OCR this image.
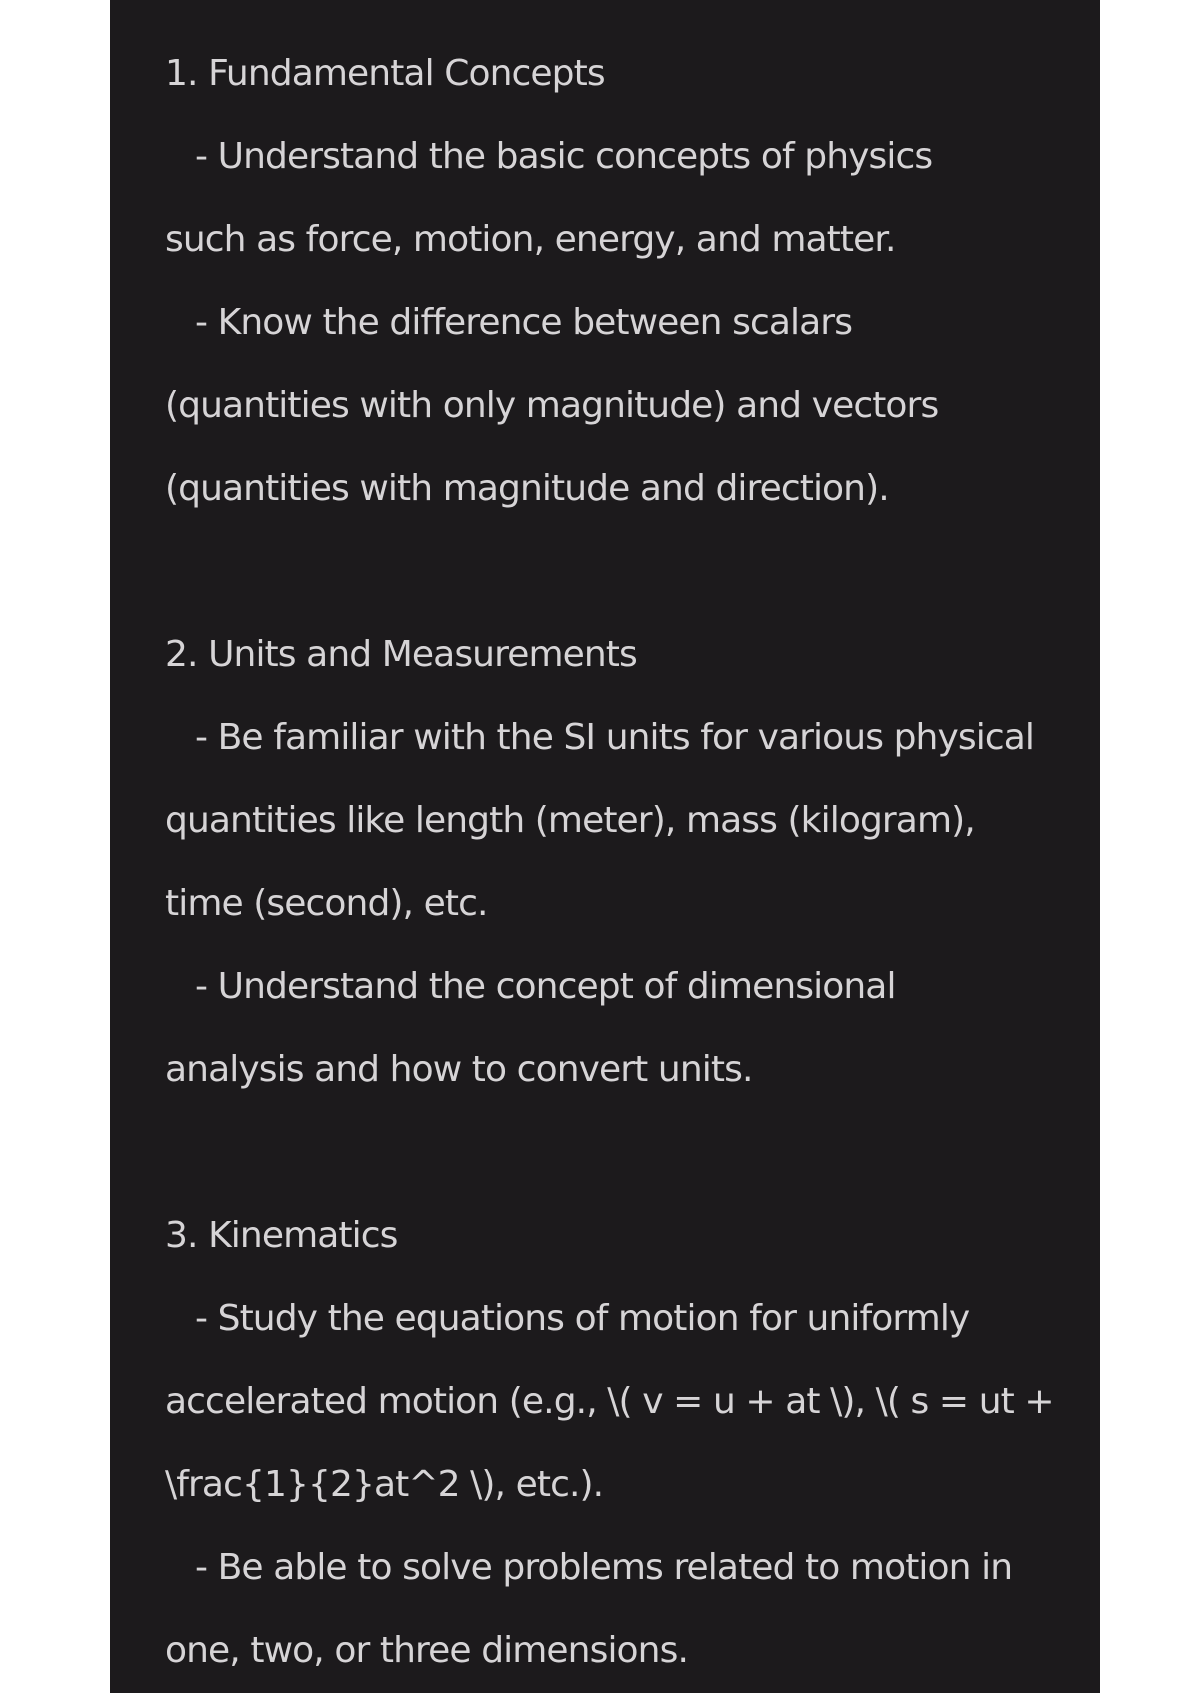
1. Fundamental Concepts
- Understand the basic concepts of physics
such as force, motion, energy, and matter.
- Know the difference between scalars
(quantities with only magnitude) and vectors
(quantities with magnitude and direction).
2. Units and Measurements
- Be familiar with the SI units for various physical
quantities like length (meter), mass (kilogram),
time (second), etc.
- Understand the concept of dimensional
analysis and how to convert units.
3. Kinematics
- Study the equations of motion for uniformly
accelerated motion (e.g., \( v = u + at \), \( s = ut +
\frac{1}{2}at^2 \), etc.).
- Be able to solve problems related to motion in
one, two, or three dimensions.
